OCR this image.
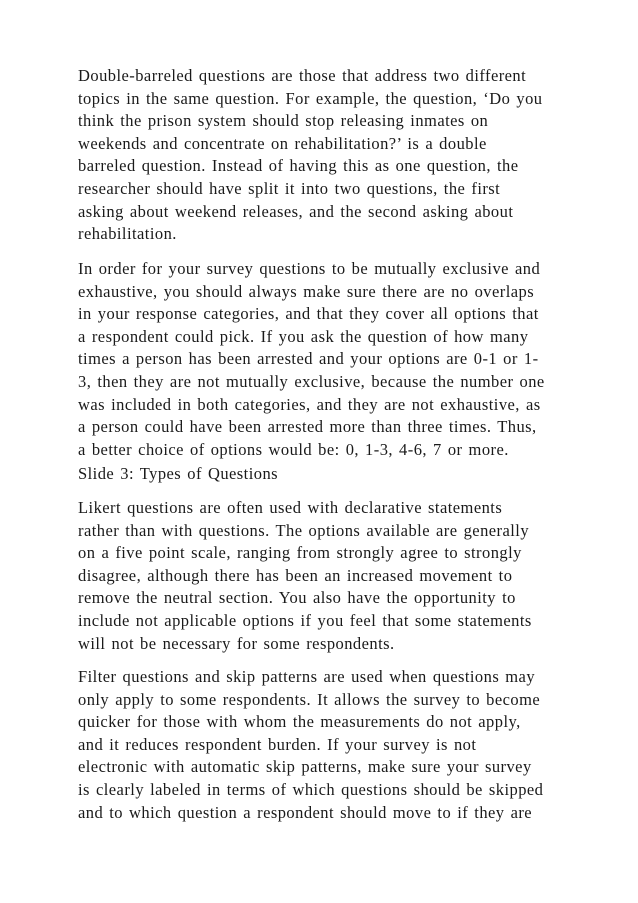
Double-barreled questions are those that address two different
topics in the same question. For example, the question, ‘Do you
think the prison system should stop releasing inmates on
weekends and concentrate on rehabilitation?’ is a double
barreled question. Instead of having this as one question, the
researcher should have split it into two questions, the first
asking about weekend releases, and the second asking about
rehabilitation.
In order for your survey questions to be mutually exclusive and
exhaustive, you should always make sure there are no overlaps
in your response categories, and that they cover all options that
a respondent could pick. If you ask the question of how many
times a person has been arrested and your options are 0-1 or 1-
3, then they are not mutually exclusive, because the number one
was included in both categories, and they are not exhaustive, as
a person could have been arrested more than three times. Thus,
a better choice of options would be: 0, 1-3, 4-6, 7 or more.
Slide 3: Types of Questions
Likert questions are often used with declarative statements
rather than with questions. The options available are generally
on a five point scale, ranging from strongly agree to strongly
disagree, although there has been an increased movement to
remove the neutral section. You also have the opportunity to
include not applicable options if you feel that some statements
will not be necessary for some respondents.
Filter questions and skip patterns are used when questions may
only apply to some respondents. It allows the survey to become
quicker for those with whom the measurements do not apply,
and it reduces respondent burden. If your survey is not
electronic with automatic skip patterns, make sure your survey
is clearly labeled in terms of which questions should be skipped
and to which question a respondent should move to if they are
